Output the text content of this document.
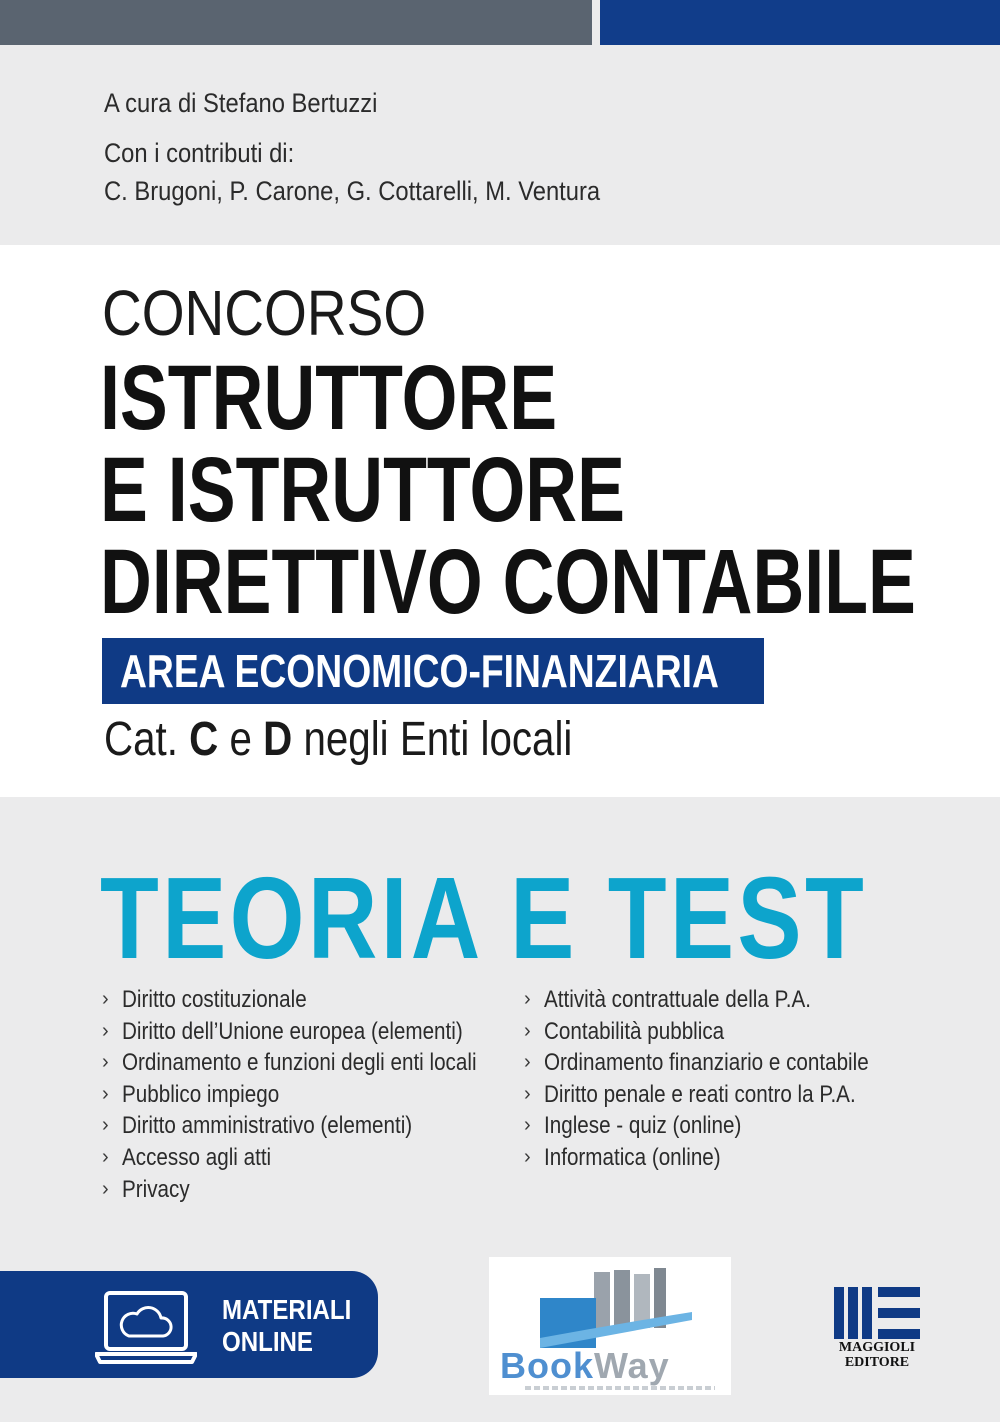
A cura di Stefano Bertuzzi
Con i contributi di:
C. Brugoni, P. Carone, G. Cottarelli, M. Ventura
CONCORSO
ISTRUTTORE
E ISTRUTTORE
DIRETTIVO CONTABILE
AREA ECONOMICO-FINANZIARIA
Cat. C e D negli Enti locali
TEORIA E TEST
› Diritto costituzionale
› Diritto dell’Unione europea (elementi)
› Ordinamento e funzioni degli enti locali
› Pubblico impiego
› Diritto amministrativo (elementi)
› Accesso agli atti
› Privacy
› Attività contrattuale della P.A.
› Contabilità pubblica
› Ordinamento finanziario e contabile
› Diritto penale e reati contro la P.A.
› Inglese - quiz (online)
› Informatica (online)
MATERIALI
ONLINE
BookWay	MAGGIOLI
EDITORE
